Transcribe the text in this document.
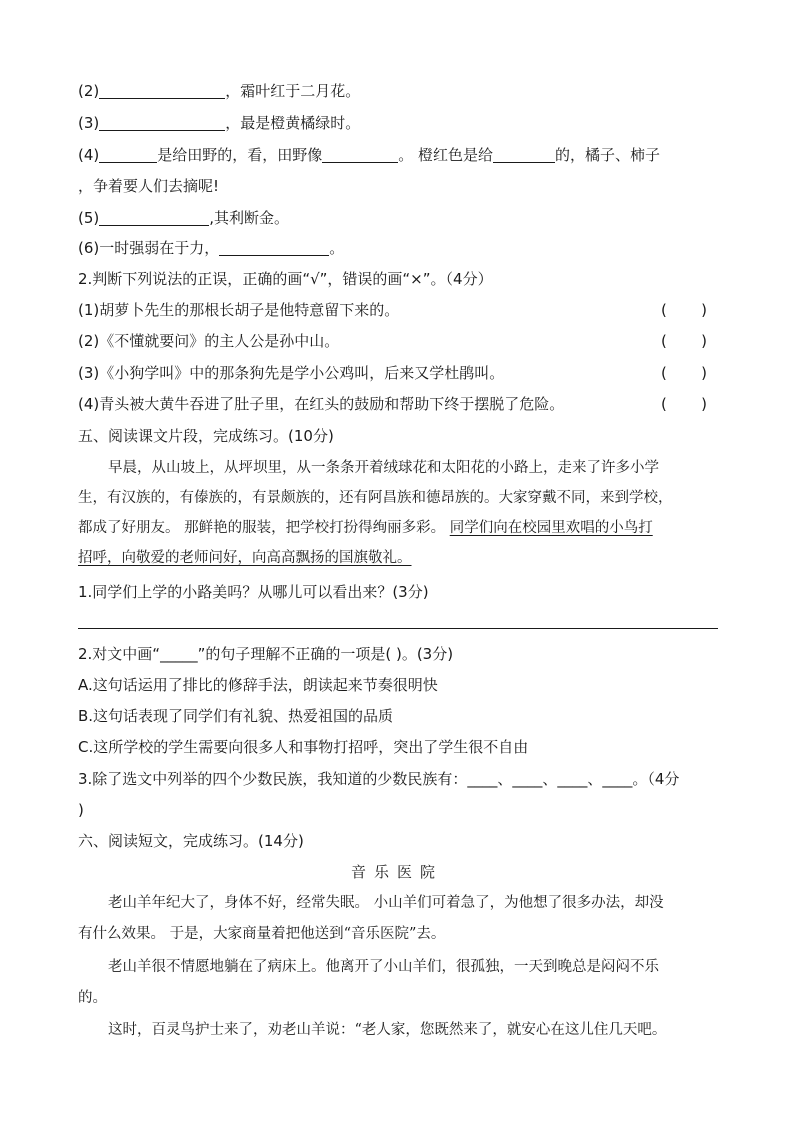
(2)	，霜叶红于二月花。
(3)	，最是橙黄橘绿时。
(4)	是给田野的，看，田野像	。 橙红色是给	的，橘子、柿子
，争着要人们去摘呢!
(5)	,其利断金。
(6)一时强弱在于力，	。
2.判断下列说法的正误，正确的画“√”，错误的画“×”。（4分）
(1)胡萝卜先生的那根长胡子是他特意留下来的。	( )
(2)《不懂就要问》的主人公是孙中山。	( )
(3)《小狗学叫》中的那条狗先是学小公鸡叫，后来又学杜鹃叫。	( )
(4)青头被大黄牛吞进了肚子里，在红头的鼓励和帮助下终于摆脱了危险。	( )
五、阅读课文片段，完成练习。(10分)
早晨，从山坡上，从坪坝里，从一条条开着绒球花和太阳花的小路上，走来了许多小学
生，有汉族的，有傣族的，有景颇族的，还有阿昌族和德昂族的。大家穿戴不同，来到学校，
都成了好朋友。 那鲜艳的服装，把学校打扮得绚丽多彩。 同学们向在校园里欢唱的小鸟打
招呼，向敬爱的老师问好，向高高飘扬的国旗敬礼。
1.同学们上学的小路美吗？从哪儿可以看出来？(3分)
2.对文中画“_____”的句子理解不正确的一项是( )。(3分)
A.这句话运用了排比的修辞手法，朗读起来节奏很明快
B.这句话表现了同学们有礼貌、热爱祖国的品质
C.这所学校的学生需要向很多人和事物打招呼，突出了学生很不自由
3.除了选文中列举的四个少数民族，我知道的少数民族有：____、____、____、____。（4分
)
六、阅读短文，完成练习。(14分)
音乐医院
老山羊年纪大了，身体不好，经常失眠。 小山羊们可着急了，为他想了很多办法，却没
有什么效果。 于是，大家商量着把他送到“音乐医院”去。
老山羊很不情愿地躺在了病床上。他离开了小山羊们，很孤独，一天到晚总是闷闷不乐
的。
这时，百灵鸟护士来了，劝老山羊说：“老人家，您既然来了，就安心在这儿住几天吧。
